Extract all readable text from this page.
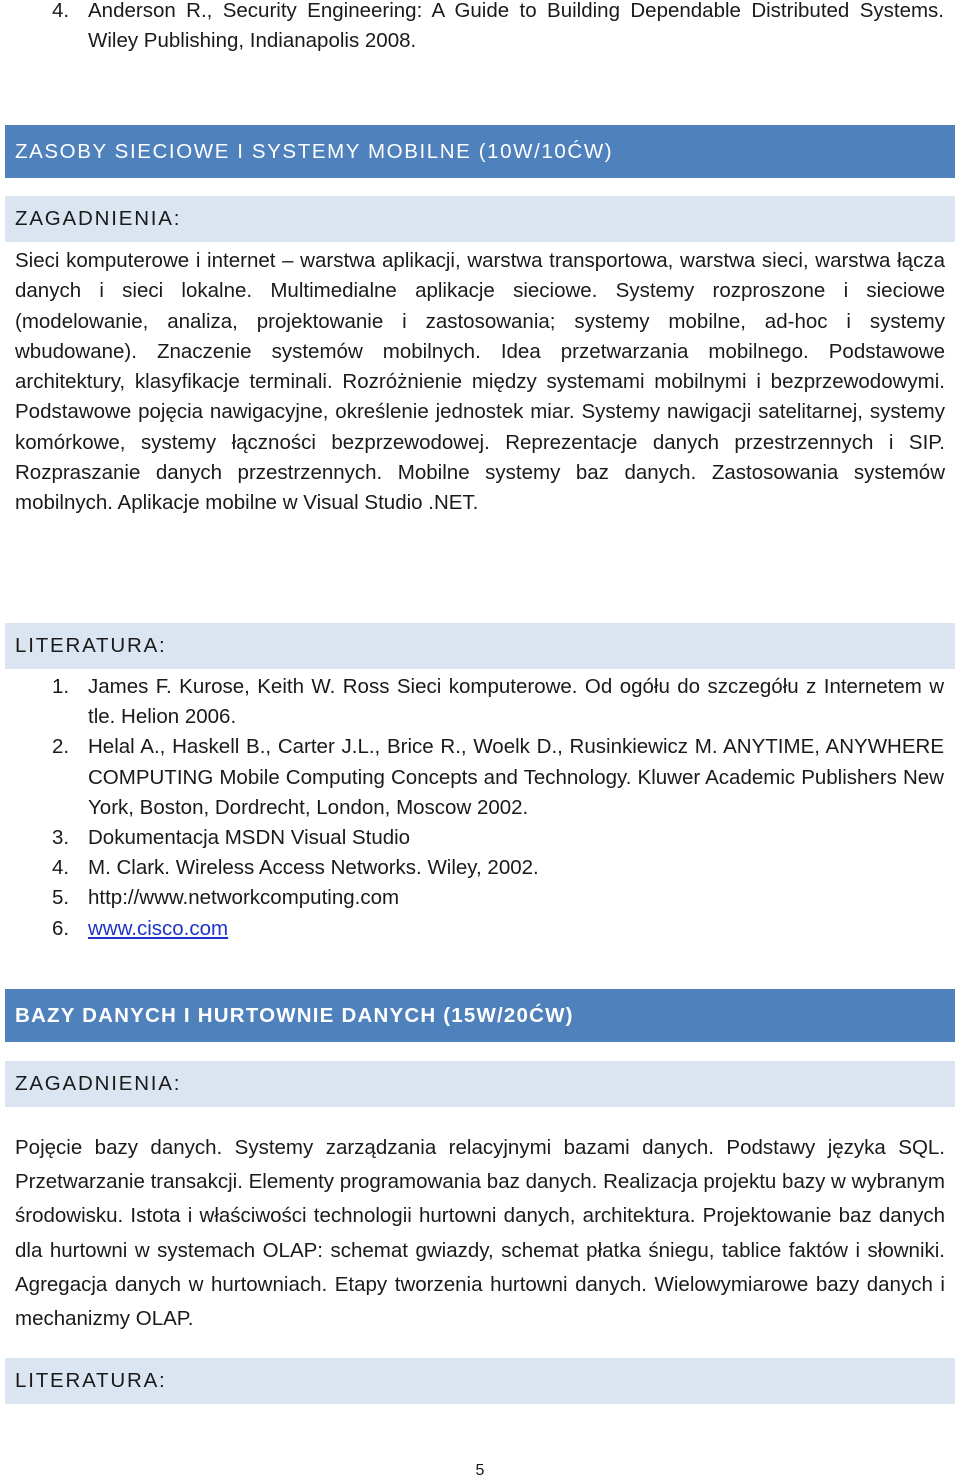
4. Anderson R., Security Engineering: A Guide to Building Dependable Distributed Systems. Wiley Publishing, Indianapolis 2008.
ZASOBY SIECIOWE I SYSTEMY MOBILNE (10W/10ĆW)
ZAGADNIENIA:

Sieci komputerowe i internet – warstwa aplikacji, warstwa transportowa, warstwa sieci, warstwa łącza danych i sieci lokalne. Multimedialne aplikacje sieciowe. Systemy rozproszone i sieciowe (modelowanie, analiza, projektowanie i zastosowania; systemy mobilne, ad-hoc i systemy wbudowane). Znaczenie systemów mobilnych. Idea przetwarzania mobilnego. Podstawowe architektury, klasyfikacje terminali. Rozróżnienie między systemami mobilnymi i bezprzewodowymi. Podstawowe pojęcia nawigacyjne, określenie jednostek miar. Systemy nawigacji satelitarnej, systemy komórkowe, systemy łączności bezprzewodowej. Reprezentacje danych przestrzennych i SIP. Rozpraszanie danych przestrzennych. Mobilne systemy baz danych. Zastosowania systemów mobilnych. Aplikacje mobilne w Visual Studio .NET.

LITERATURA:
1. James F. Kurose, Keith W. Ross Sieci komputerowe. Od ogółu do szczegółu z Internetem w tle. Helion 2006.
2. Helal A., Haskell B., Carter J.L., Brice R., Woelk D., Rusinkiewicz M. ANYTIME, ANYWHERE COMPUTING Mobile Computing Concepts and Technology. Kluwer Academic Publishers New York, Boston, Dordrecht, London, Moscow 2002.
3. Dokumentacja MSDN Visual Studio
4. M. Clark. Wireless Access Networks. Wiley, 2002.
5. http://www.networkcomputing.com
6. www.cisco.com
BAZY DANYCH I HURTOWNIE DANYCH (15W/20ĆW)
ZAGADNIENIA:

Pojęcie bazy danych. Systemy zarządzania relacyjnymi bazami danych. Podstawy języka SQL. Przetwarzanie transakcji. Elementy programowania baz danych. Realizacja projektu bazy w wybranym środowisku. Istota i właściwości technologii hurtowni danych, architektura. Projektowanie baz danych dla hurtowni w systemach OLAP: schemat gwiazdy, schemat płatka śniegu, tablice faktów i słowniki. Agregacja danych w hurtowniach. Etapy tworzenia hurtowni danych. Wielowymiarowe bazy danych i mechanizmy OLAP.

LITERATURA:
5
